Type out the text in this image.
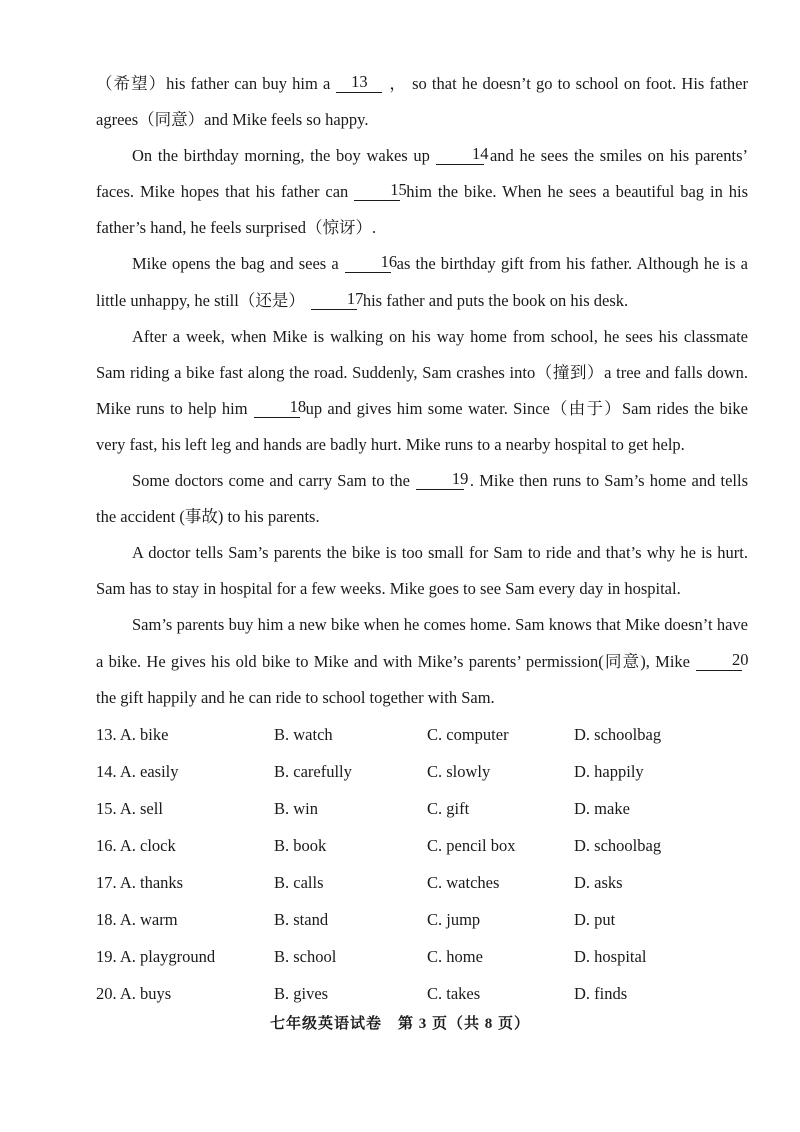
（希望）his father can buy him a 13 ， so that he doesn’t go to school on foot. His father agrees（同意）and Mike feels so happy.

On the birthday morning, the boy wakes up	14and he sees the smiles on his parents’ faces. Mike hopes that his father can	15him the bike. When he sees a beautiful bag in his father’s hand, he feels surprised（惊讶）.

Mike opens the bag and sees a	16as the birthday gift from his father. Although he is a little unhappy, he still（还是）	17his father and puts the book on his desk.

After a week, when Mike is walking on his way home from school, he sees his classmate Sam riding a bike fast along the road. Suddenly, Sam crashes into（撞到）a tree and falls down. Mike runs to help him	18up and gives him some water. Since（由于）Sam rides the bike very fast, his left leg and hands are badly hurt. Mike runs to a nearby hospital to get help.

Some doctors come and carry Sam to the	19. Mike then runs to Sam’s home and tells the accident (事故) to his parents.

A doctor tells Sam’s parents the bike is too small for Sam to ride and that’s why he is hurt. Sam has to stay in hospital for a few weeks. Mike goes to see Sam every day in hospital.

Sam’s parents buy him a new bike when he comes home. Sam knows that Mike doesn’t have a bike. He gives his old bike to Mike and with Mike’s parents’ permission(同意), Mike	20the gift happily and he can ride to school together with Sam.

13. A. bike	B. watch	C. computer	D. schoolbag
14. A. easily	B. carefully	C. slowly	D. happily
15. A. sell	B. win	C. gift	D. make
16. A. clock	B. book	C. pencil box	D. schoolbag
17. A. thanks	B. calls	C. watches	D. asks
18. A. warm	B. stand	C. jump	D. put
19. A. playground	B. school	C. home	D. hospital
20. A. buys	B. gives	C. takes	D. finds
七年级英语试卷　第 3 页（共 8 页）
